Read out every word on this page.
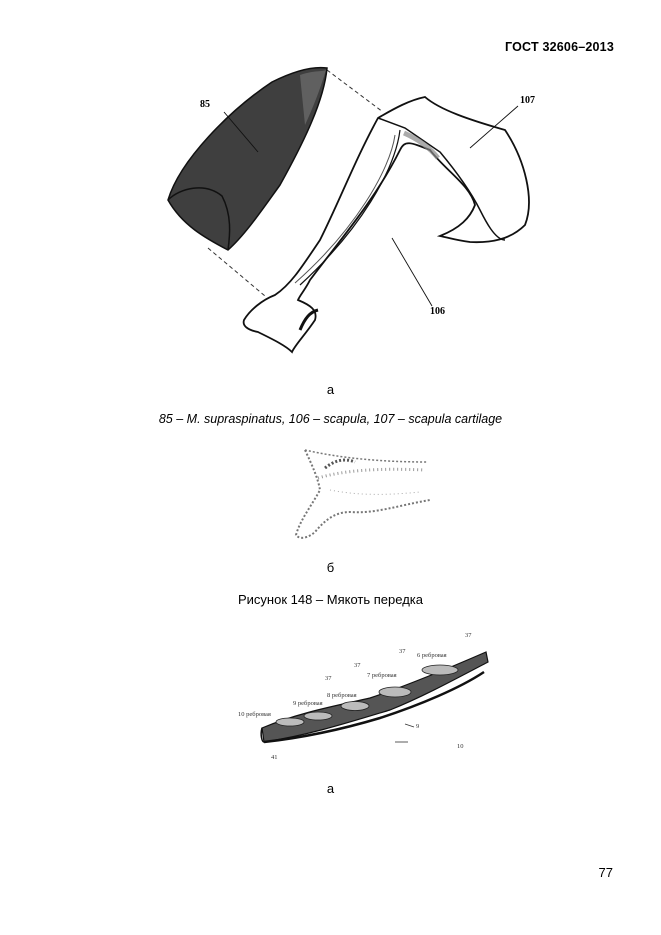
ГОСТ 32606–2013
85	107
106
а
85 – M. supraspinatus, 106 – scapula, 107 – scapula cartilage
б
Рисунок 148 – Мякоть передка
37
6 ребровая
37
7 ребровая
37
8 ребровая
37
9 ребровая
10 ребровая
9
10
41
а
77
